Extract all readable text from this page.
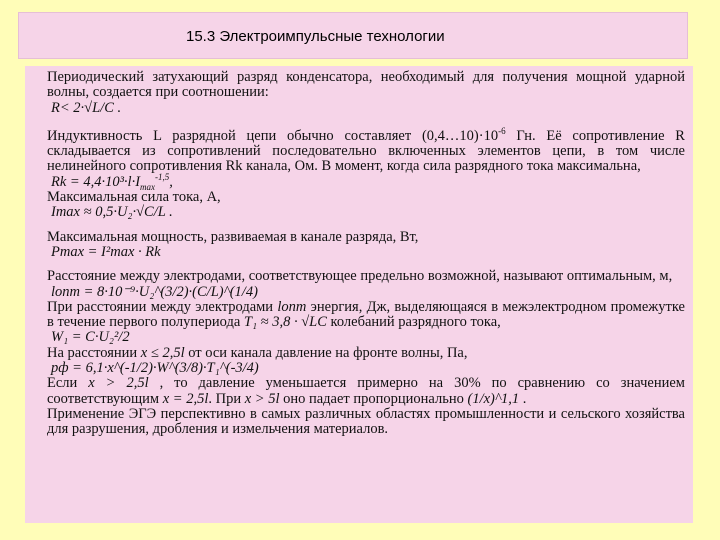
15.3 Электроимпульсные технологии
Периодический затухающий разряд конденсатора, необходимый для получения мощной ударной волны, создается при соотношении:
R< 2·√L/C .
Индуктивность L разрядной цепи обычно составляет $(0,4\dots 10)\cdot 10^{-6}$ Гн. Её сопротивление R складывается из сопротивлений последовательно включенных элементов цепи, в том числе нелинейного сопротивления Rk канала, Ом. В момент, когда сила разрядного тока максимальна,
$Rk = 4,4\cdot 10^3\cdot l\cdot I_{max}^{-1,5}$,
Максимальная сила тока, А,
Imax ≈ 0,5·U₂·√C/L .
Максимальная мощность, развиваемая в канале разряда, Вт,
Pmax = I²max · Rk
Расстояние между электродами, соответствующее предельно возможной, называют оптимальным, м,
lопт = 8·10⁻⁹·U₂^(3/2)·(C/L)^(1/4)
При расстоянии между электродами lопт энергия, Дж, выделяющаяся в межэлектродном промежутке в течение первого полупериода T₁ ≈ 3,8 · √LC колебаний разрядного тока,
W₁ = C·U₂²/2
На расстоянии x ≤ 2,5l от оси канала давление на фронте волны, Па,
pф = 6,1·x^(-1/2)·W^(3/8)·T₁^(-3/4)
Если x > 2,5l , то давление уменьшается примерно на 30% по сравнению со значением соответствующим x = 2,5l. При x > 5l оно падает пропорционально (1/x)^1,1 .
Применение ЭГЭ перспективно в самых различных областях промышленности и сельского хозяйства для разрушения, дробления и измельчения материалов.
